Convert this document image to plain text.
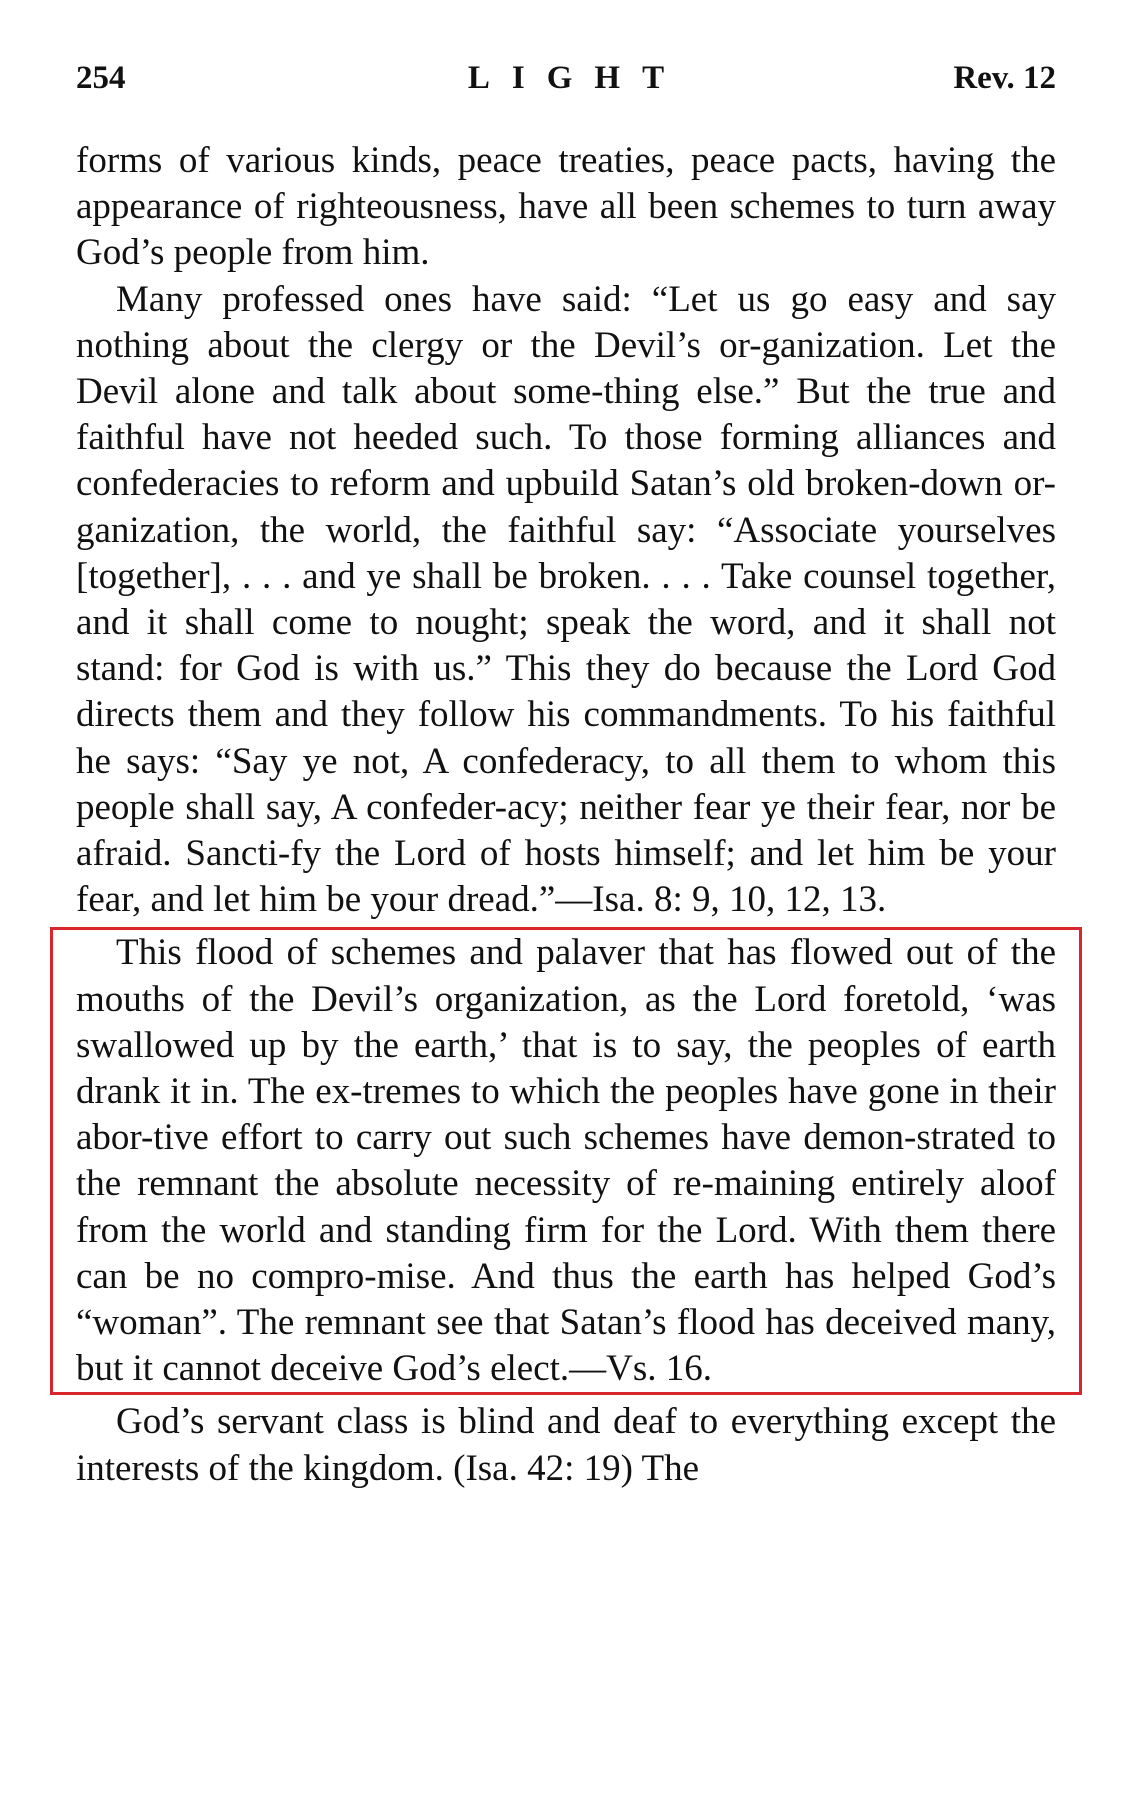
254	LIGHT	Rev. 12

forms of various kinds, peace treaties, peace pacts, having the appearance of righteousness, have all been schemes to turn away God’s people from him.

Many professed ones have said: “Let us go easy and say nothing about the clergy or the Devil’s or-ganization. Let the Devil alone and talk about some-thing else.” But the true and faithful have not heeded such. To those forming alliances and confederacies to reform and upbuild Satan’s old broken-down or-ganization, the world, the faithful say: “Associate yourselves [together], . . . and ye shall be broken. . . . Take counsel together, and it shall come to nought; speak the word, and it shall not stand: for God is with us.” This they do because the Lord God directs them and they follow his commandments. To his faithful he says: “Say ye not, A confederacy, to all them to whom this people shall say, A confeder-acy; neither fear ye their fear, nor be afraid. Sancti-fy the Lord of hosts himself; and let him be your fear, and let him be your dread.”—Isa. 8: 9, 10, 12, 13.

This flood of schemes and palaver that has flowed out of the mouths of the Devil’s organization, as the Lord foretold, ‘was swallowed up by the earth,’ that is to say, the peoples of earth drank it in. The ex-tremes to which the peoples have gone in their abor-tive effort to carry out such schemes have demon-strated to the remnant the absolute necessity of re-maining entirely aloof from the world and standing firm for the Lord. With them there can be no compro-mise. And thus the earth has helped God’s “woman”. The remnant see that Satan’s flood has deceived many, but it cannot deceive God’s elect.—Vs. 16.

God’s servant class is blind and deaf to everything except the interests of the kingdom. (Isa. 42: 19) The
